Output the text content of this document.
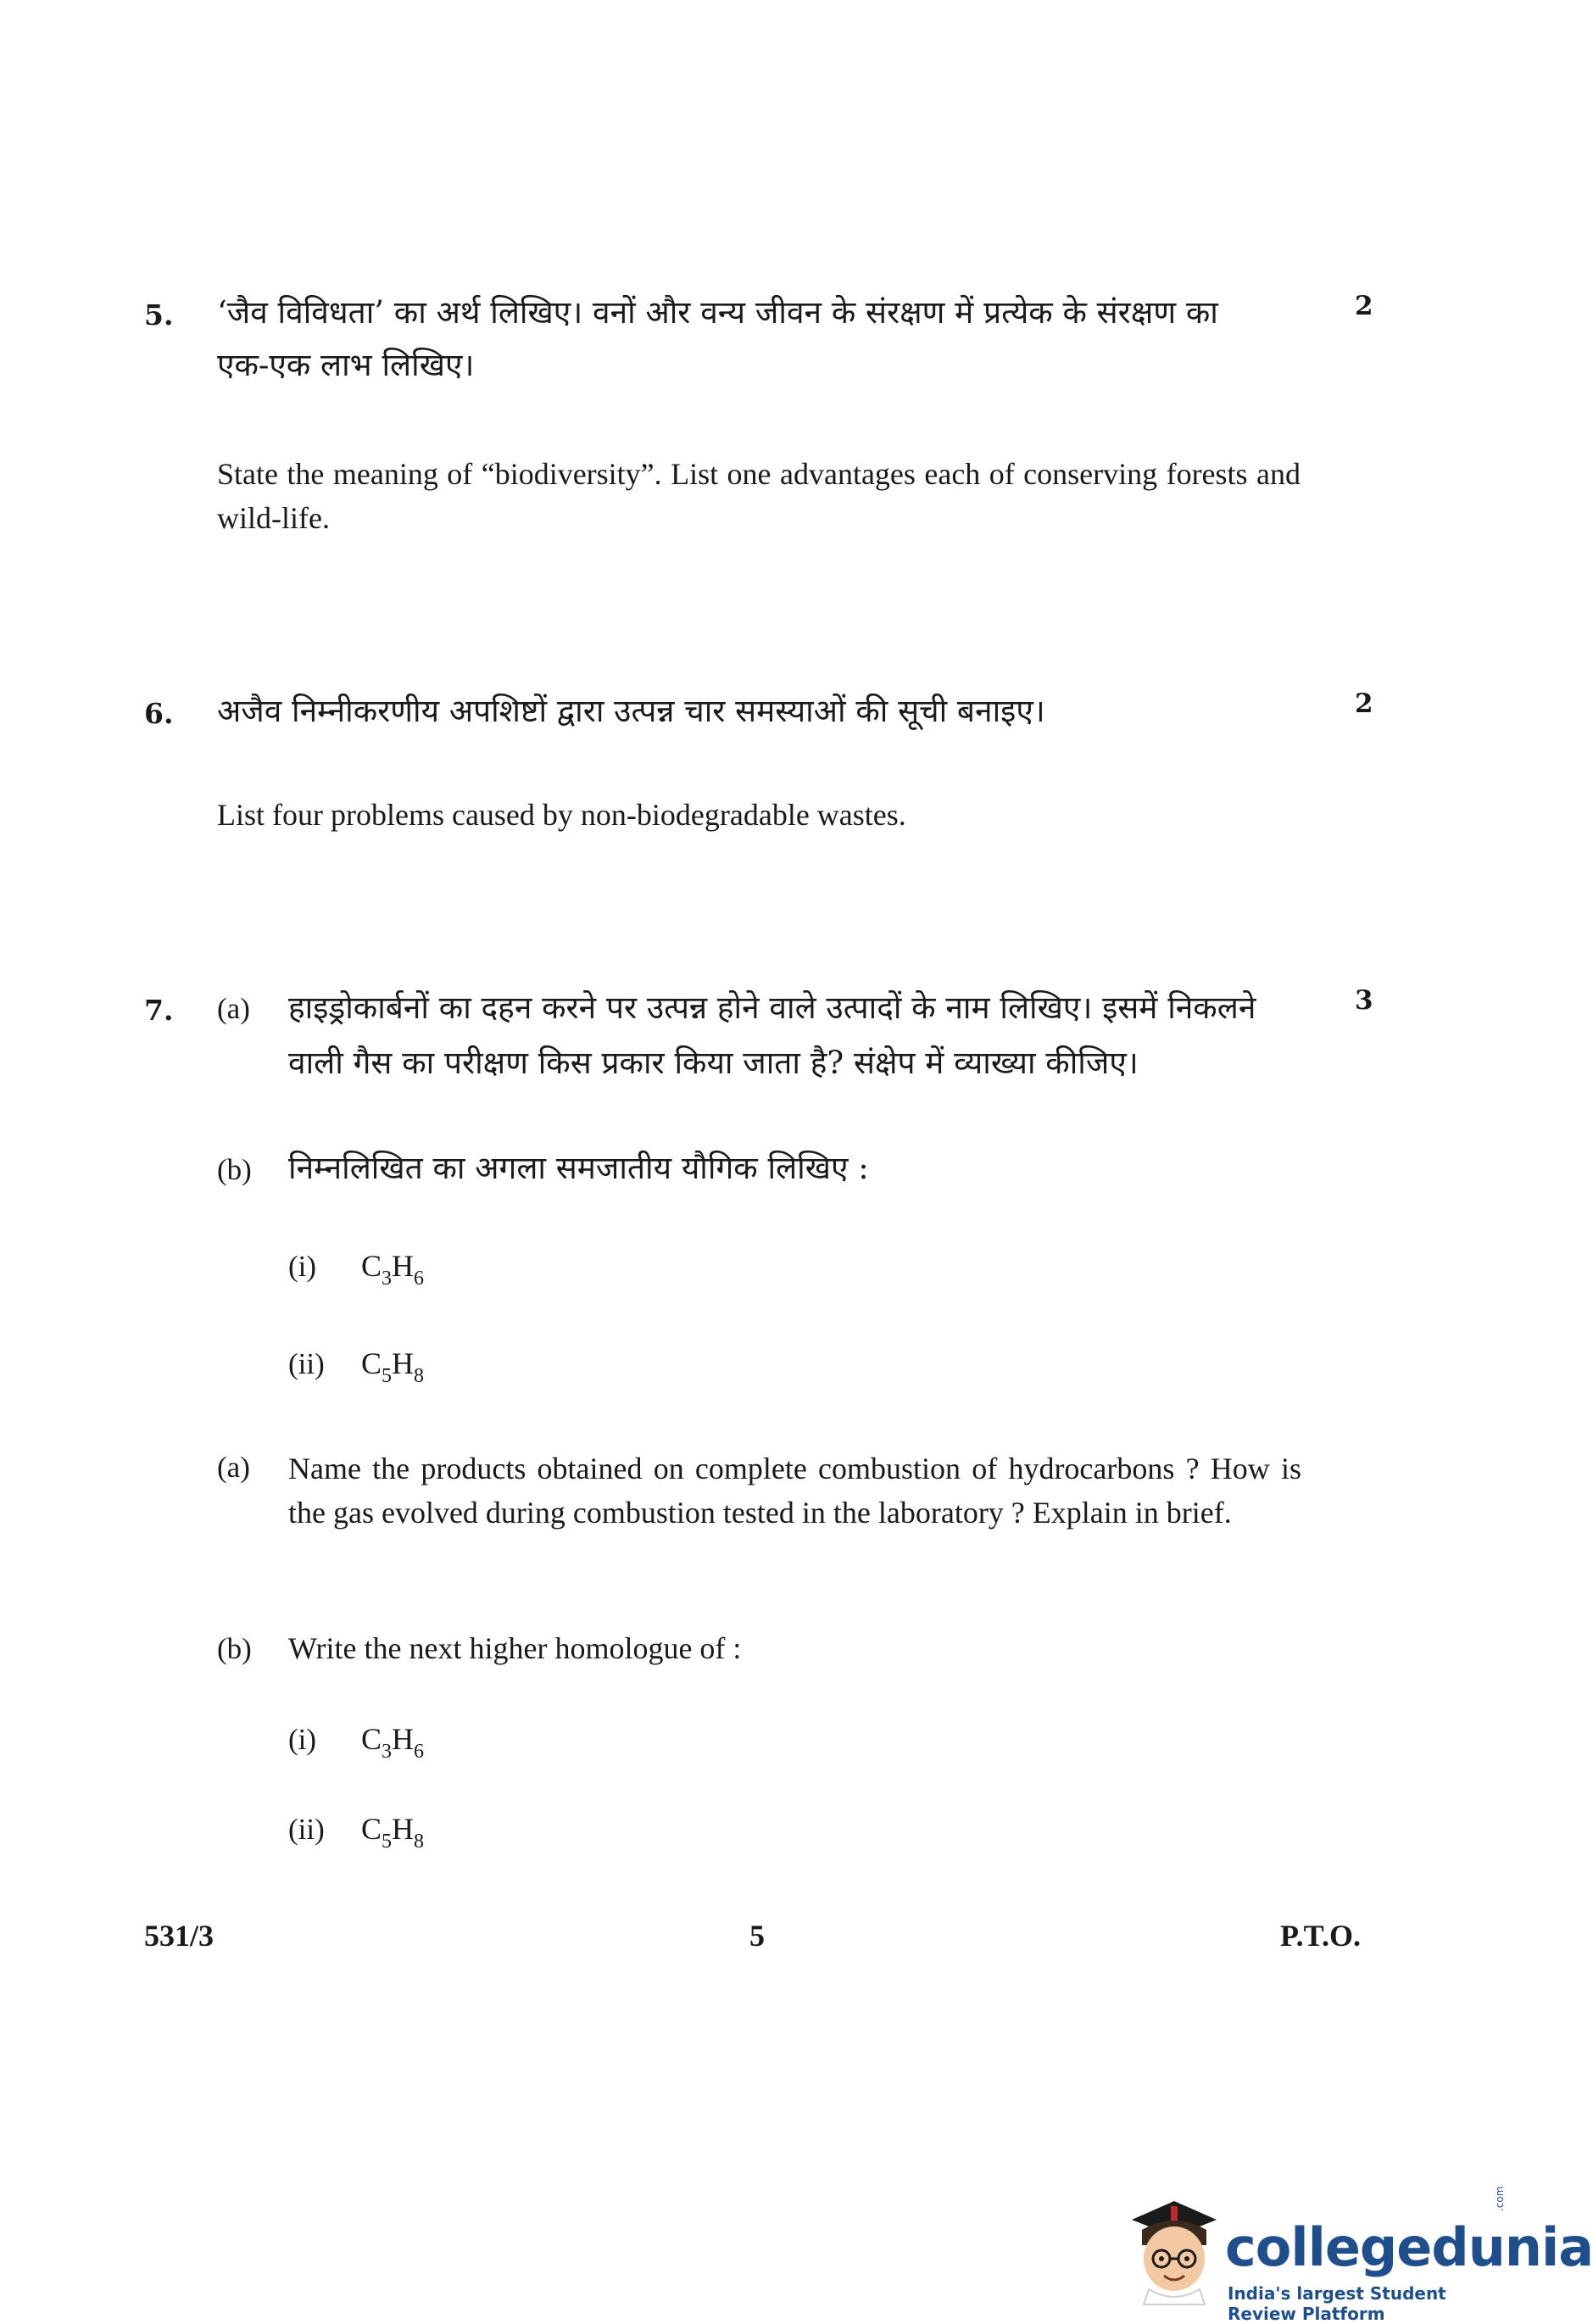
5.	2
‘जैव विविधता’ का अर्थ लिखिए। वनों और वन्य जीवन के संरक्षण में प्रत्येक के संरक्षण का
एक-एक लाभ लिखिए।
State the meaning of “biodiversity”. List one advantages each of conserving forests and wild-life.
6.	2
अजैव निम्नीकरणीय अपशिष्टों द्वारा उत्पन्न चार समस्याओं की सूची बनाइए।
List four problems caused by non-biodegradable wastes.
7.	3
(a) हाइड्रोकार्बनों का दहन करने पर उत्पन्न होने वाले उत्पादों के नाम लिखिए। इसमें निकलने
वाली गैस का परीक्षण किस प्रकार किया जाता है? संक्षेप में व्याख्या कीजिए।
(b) निम्नलिखित का अगला समजातीय यौगिक लिखिए :
(i) $C_3H_6$
(ii) $C_5H_8$
(a) Name the products obtained on complete combustion of hydrocarbons ? How is the gas evolved during combustion tested in the laboratory ? Explain in brief.
(b) Write the next higher homologue of :
(i) $C_3H_6$
(ii) $C_5H_8$
531/3	5	P.T.O.
collegedunia
.com
India's largest Student Review Platform
